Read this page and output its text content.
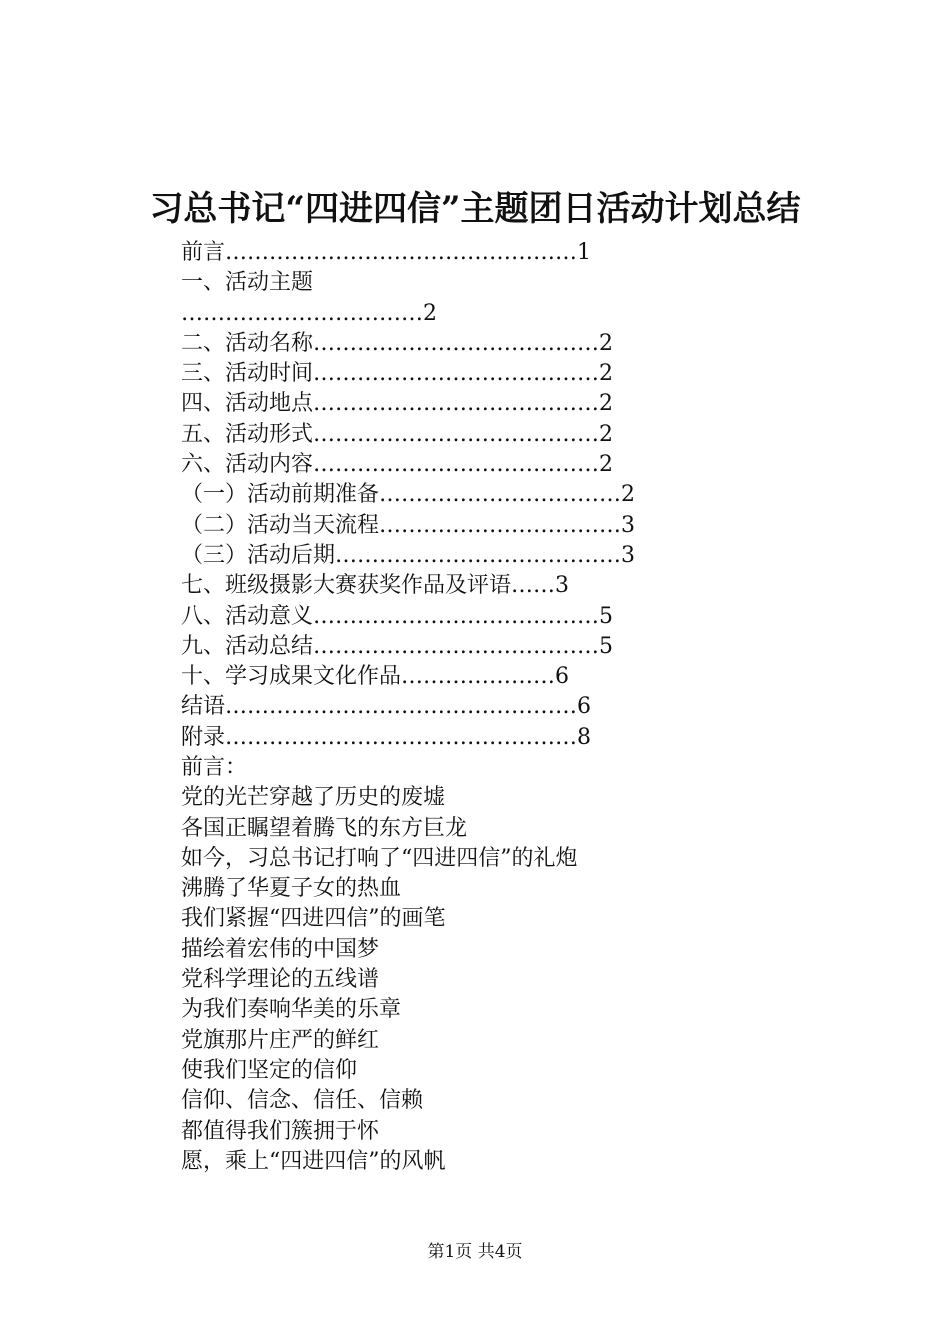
习总书记“四进四信”主题团日活动计划总结
前言…………………………………………1
一、活动主题
……………………………2
二、活动名称…………………………………2
三、活动时间…………………………………2
四、活动地点…………………………………2
五、活动形式…………………………………2
六、活动内容…………………………………2
（一）活动前期准备……………………………2
（二）活动当天流程……………………………3
（三）活动后期…………………………………3
七、班级摄影大赛获奖作品及评语……3
八、活动意义…………………………………5
九、活动总结…………………………………5
十、学习成果文化作品…………………6
结语…………………………………………6
附录…………………………………………8
前言：
党的光芒穿越了历史的废墟
各国正瞩望着腾飞的东方巨龙
如今，习总书记打响了“四进四信”的礼炮
沸腾了华夏子女的热血
我们紧握“四进四信”的画笔
描绘着宏伟的中国梦
党科学理论的五线谱
为我们奏响华美的乐章
党旗那片庄严的鲜红
使我们坚定的信仰
信仰、信念、信任、信赖
都值得我们簇拥于怀
愿，乘上“四进四信”的风帆
第1页 共4页
